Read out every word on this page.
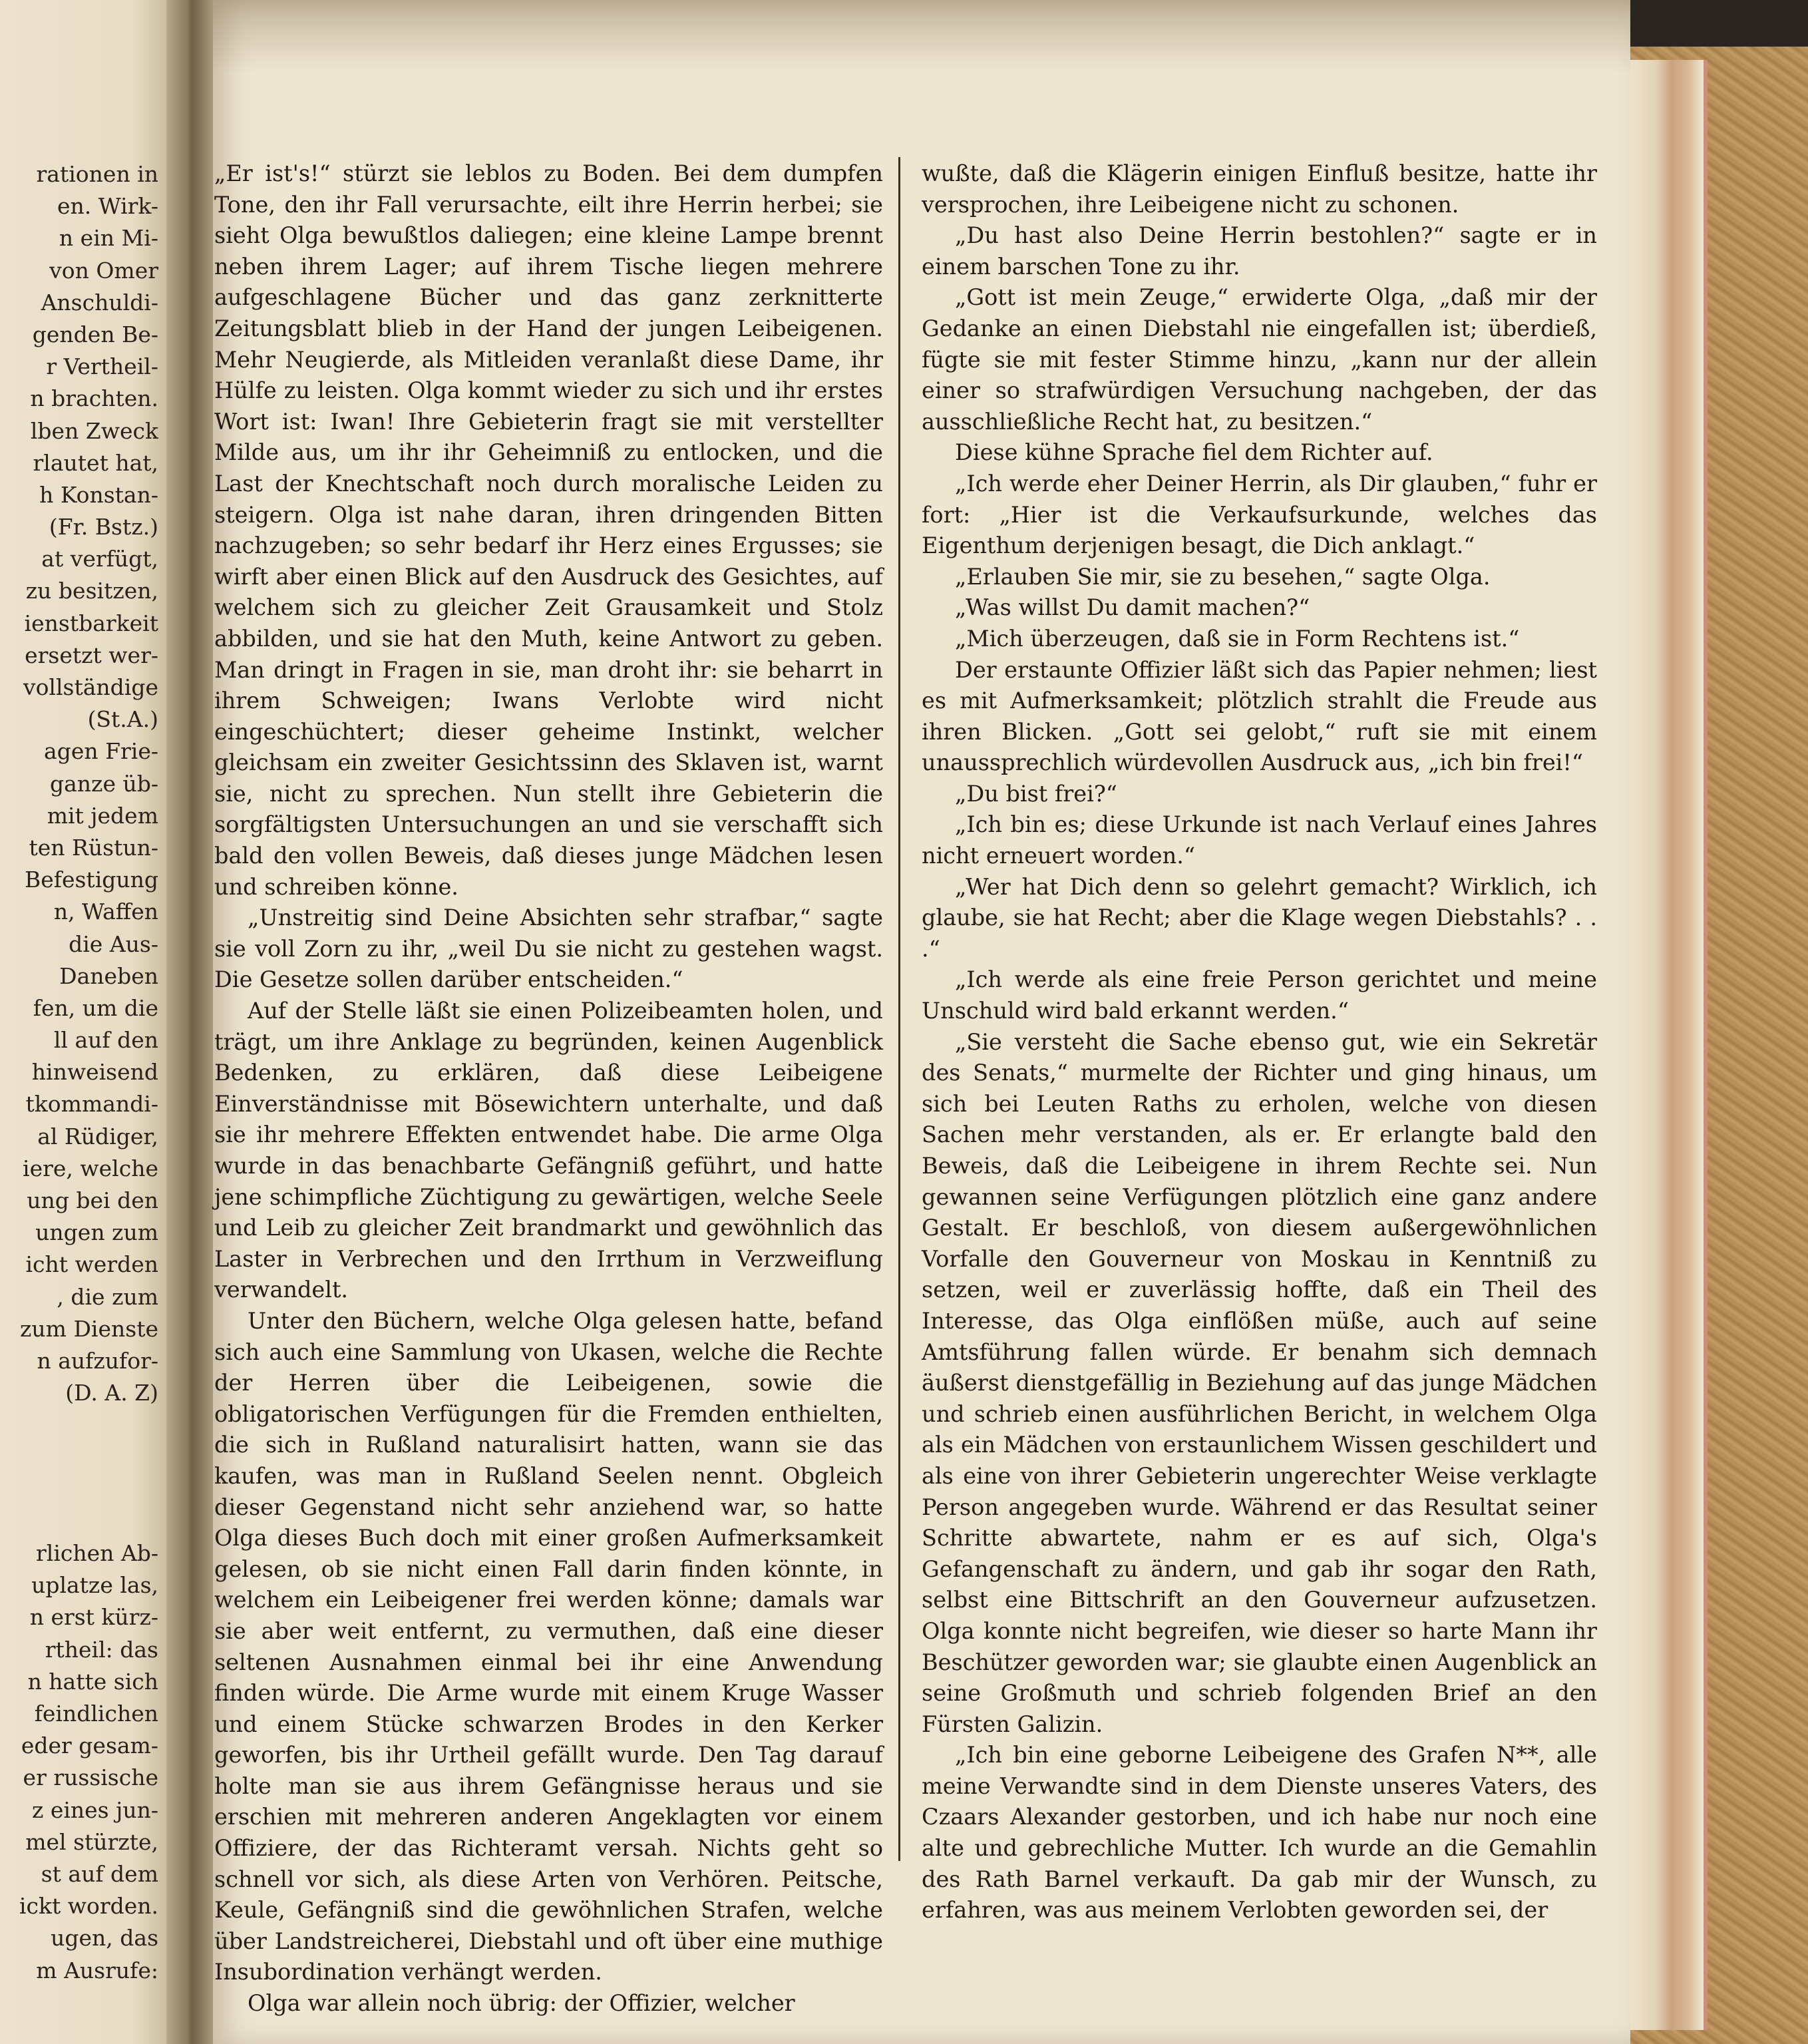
rationen in
en. Wirk-
n ein Mi-
von Omer
Anschuldi-
genden Be-
r Vertheil-
n brachten.
lben Zweck
rlautet hat,
h Konstan-
(Fr. Bstz.)
at verfügt,
zu besitzen,
ienstbarkeit
ersetzt wer-
vollständige
(St.A.)
agen Frie-
ganze üb-
mit jedem
ten Rüstun-
Befestigung
n, Waffen
die Aus-
Daneben
fen, um die
ll auf den
hinweisend
tkommandi-
al Rüdiger,
iere, welche
ung bei den
ungen zum
icht werden
, die zum
zum Dienste
n aufzufor-
(D. A. Z)
rlichen Ab-
uplatze las,
n erst kürz-
rtheil: das
n hatte sich
feindlichen
eder gesam-
er russische
z eines jun-
mel stürzte,
st auf dem
ickt worden.
ugen, das
m Ausrufe:

„Er ist's!“ stürzt sie leblos zu Boden. Bei dem dumpfen Tone, den ihr Fall verursachte, eilt ihre Herrin herbei; sie sieht Olga bewußtlos daliegen; eine kleine Lampe brennt neben ihrem Lager; auf ihrem Tische liegen mehrere aufgeschlagene Bücher und das ganz zerknitterte Zeitungsblatt blieb in der Hand der jungen Leibeigenen. Mehr Neugierde, als Mitleiden veranlaßt diese Dame, ihr Hülfe zu leisten. Olga kommt wieder zu sich und ihr erstes Wort ist: Iwan! Ihre Gebieterin fragt sie mit verstellter Milde aus, um ihr ihr Geheimniß zu entlocken, und die Last der Knechtschaft noch durch moralische Leiden zu steigern. Olga ist nahe daran, ihren dringenden Bitten nachzugeben; so sehr bedarf ihr Herz eines Ergusses; sie wirft aber einen Blick auf den Ausdruck des Gesichtes, auf welchem sich zu gleicher Zeit Grausamkeit und Stolz abbilden, und sie hat den Muth, keine Antwort zu geben. Man dringt in Fragen in sie, man droht ihr: sie beharrt in ihrem Schweigen; Iwans Verlobte wird nicht eingeschüchtert; dieser geheime Instinkt, welcher gleichsam ein zweiter Gesichtssinn des Sklaven ist, warnt sie, nicht zu sprechen. Nun stellt ihre Gebieterin die sorgfältigsten Untersuchungen an und sie verschafft sich bald den vollen Beweis, daß dieses junge Mädchen lesen und schreiben könne.

„Unstreitig sind Deine Absichten sehr strafbar,“ sagte sie voll Zorn zu ihr, „weil Du sie nicht zu gestehen wagst. Die Gesetze sollen darüber entscheiden.“

Auf der Stelle läßt sie einen Polizeibeamten holen, und trägt, um ihre Anklage zu begründen, keinen Augenblick Bedenken, zu erklären, daß diese Leibeigene Einverständnisse mit Bösewichtern unterhalte, und daß sie ihr mehrere Effekten entwendet habe. Die arme Olga wurde in das benachbarte Gefängniß geführt, und hatte jene schimpfliche Züchtigung zu gewärtigen, welche Seele und Leib zu gleicher Zeit brandmarkt und gewöhnlich das Laster in Verbrechen und den Irrthum in Verzweiflung verwandelt.

Unter den Büchern, welche Olga gelesen hatte, befand sich auch eine Sammlung von Ukasen, welche die Rechte der Herren über die Leibeigenen, sowie die obligatorischen Verfügungen für die Fremden enthielten, die sich in Rußland naturalisirt hatten, wann sie das kaufen, was man in Rußland Seelen nennt. Obgleich dieser Gegenstand nicht sehr anziehend war, so hatte Olga dieses Buch doch mit einer großen Aufmerksamkeit gelesen, ob sie nicht einen Fall darin finden könnte, in welchem ein Leibeigener frei werden könne; damals war sie aber weit entfernt, zu vermuthen, daß eine dieser seltenen Ausnahmen einmal bei ihr eine Anwendung finden würde. Die Arme wurde mit einem Kruge Wasser und einem Stücke schwarzen Brodes in den Kerker geworfen, bis ihr Urtheil gefällt wurde. Den Tag darauf holte man sie aus ihrem Gefängnisse heraus und sie erschien mit mehreren anderen Angeklagten vor einem Offiziere, der das Richteramt versah. Nichts geht so schnell vor sich, als diese Arten von Verhören. Peitsche, Keule, Gefängniß sind die gewöhnlichen Strafen, welche über Landstreicherei, Diebstahl und oft über eine muthige Insubordination verhängt werden.

Olga war allein noch übrig: der Offizier, welcher

wußte, daß die Klägerin einigen Einfluß besitze, hatte ihr versprochen, ihre Leibeigene nicht zu schonen.

„Du hast also Deine Herrin bestohlen?“ sagte er in einem barschen Tone zu ihr.

„Gott ist mein Zeuge,“ erwiderte Olga, „daß mir der Gedanke an einen Diebstahl nie eingefallen ist; überdieß, fügte sie mit fester Stimme hinzu, „kann nur der allein einer so strafwürdigen Versuchung nachgeben, der das ausschließliche Recht hat, zu besitzen.“

Diese kühne Sprache fiel dem Richter auf.

„Ich werde eher Deiner Herrin, als Dir glauben,“ fuhr er fort: „Hier ist die Verkaufsurkunde, welches das Eigenthum derjenigen besagt, die Dich anklagt.“

„Erlauben Sie mir, sie zu besehen,“ sagte Olga.

„Was willst Du damit machen?“

„Mich überzeugen, daß sie in Form Rechtens ist.“

Der erstaunte Offizier läßt sich das Papier nehmen; liest es mit Aufmerksamkeit; plötzlich strahlt die Freude aus ihren Blicken. „Gott sei gelobt,“ ruft sie mit einem unaussprechlich würdevollen Ausdruck aus, „ich bin frei!“

„Du bist frei?“

„Ich bin es; diese Urkunde ist nach Verlauf eines Jahres nicht erneuert worden.“

„Wer hat Dich denn so gelehrt gemacht? Wirklich, ich glaube, sie hat Recht; aber die Klage wegen Diebstahls? . . .“

„Ich werde als eine freie Person gerichtet und meine Unschuld wird bald erkannt werden.“

„Sie versteht die Sache ebenso gut, wie ein Sekretär des Senats,“ murmelte der Richter und ging hinaus, um sich bei Leuten Raths zu erholen, welche von diesen Sachen mehr verstanden, als er. Er erlangte bald den Beweis, daß die Leibeigene in ihrem Rechte sei. Nun gewannen seine Verfügungen plötzlich eine ganz andere Gestalt. Er beschloß, von diesem außergewöhnlichen Vorfalle den Gouverneur von Moskau in Kenntniß zu setzen, weil er zuverlässig hoffte, daß ein Theil des Interesse, das Olga einflößen müße, auch auf seine Amtsführung fallen würde. Er benahm sich demnach äußerst dienstgefällig in Beziehung auf das junge Mädchen und schrieb einen ausführlichen Bericht, in welchem Olga als ein Mädchen von erstaunlichem Wissen geschildert und als eine von ihrer Gebieterin ungerechter Weise verklagte Person angegeben wurde. Während er das Resultat seiner Schritte abwartete, nahm er es auf sich, Olga's Gefangenschaft zu ändern, und gab ihr sogar den Rath, selbst eine Bittschrift an den Gouverneur aufzusetzen. Olga konnte nicht begreifen, wie dieser so harte Mann ihr Beschützer geworden war; sie glaubte einen Augenblick an seine Großmuth und schrieb folgenden Brief an den Fürsten Galizin.

„Ich bin eine geborne Leibeigene des Grafen N**, alle meine Verwandte sind in dem Dienste unseres Vaters, des Czaars Alexander gestorben, und ich habe nur noch eine alte und gebrechliche Mutter. Ich wurde an die Gemahlin des Rath Barnel verkauft. Da gab mir der Wunsch, zu erfahren, was aus meinem Verlobten geworden sei, der
